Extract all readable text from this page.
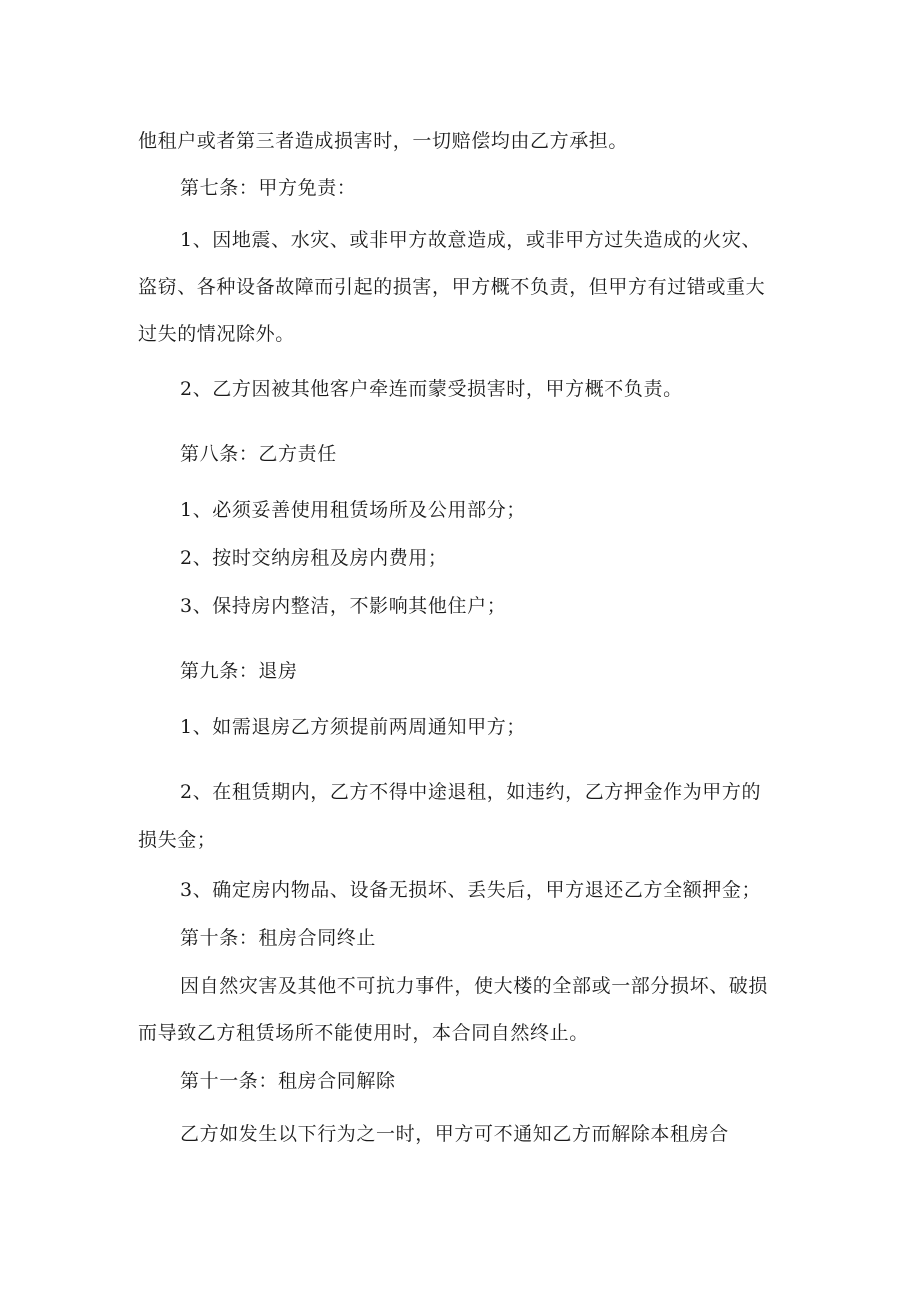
他租户或者第三者造成损害时，一切赔偿均由乙方承担。
第七条：甲方免责：
1、因地震、水灾、或非甲方故意造成，或非甲方过失造成的火灾、
盗窃、各种设备故障而引起的损害，甲方概不负责，但甲方有过错或重大
过失的情况除外。
2、乙方因被其他客户牵连而蒙受损害时，甲方概不负责。
第八条：乙方责任
1、必须妥善使用租赁场所及公用部分；
2、按时交纳房租及房内费用；
3、保持房内整洁，不影响其他住户；
第九条：退房
1、如需退房乙方须提前两周通知甲方；
2、在租赁期内，乙方不得中途退租，如违约，乙方押金作为甲方的
损失金；
3、确定房内物品、设备无损坏、丢失后，甲方退还乙方全额押金；
第十条：租房合同终止
因自然灾害及其他不可抗力事件，使大楼的全部或一部分损坏、破损
而导致乙方租赁场所不能使用时，本合同自然终止。
第十一条：租房合同解除
乙方如发生以下行为之一时，甲方可不通知乙方而解除本租房合
